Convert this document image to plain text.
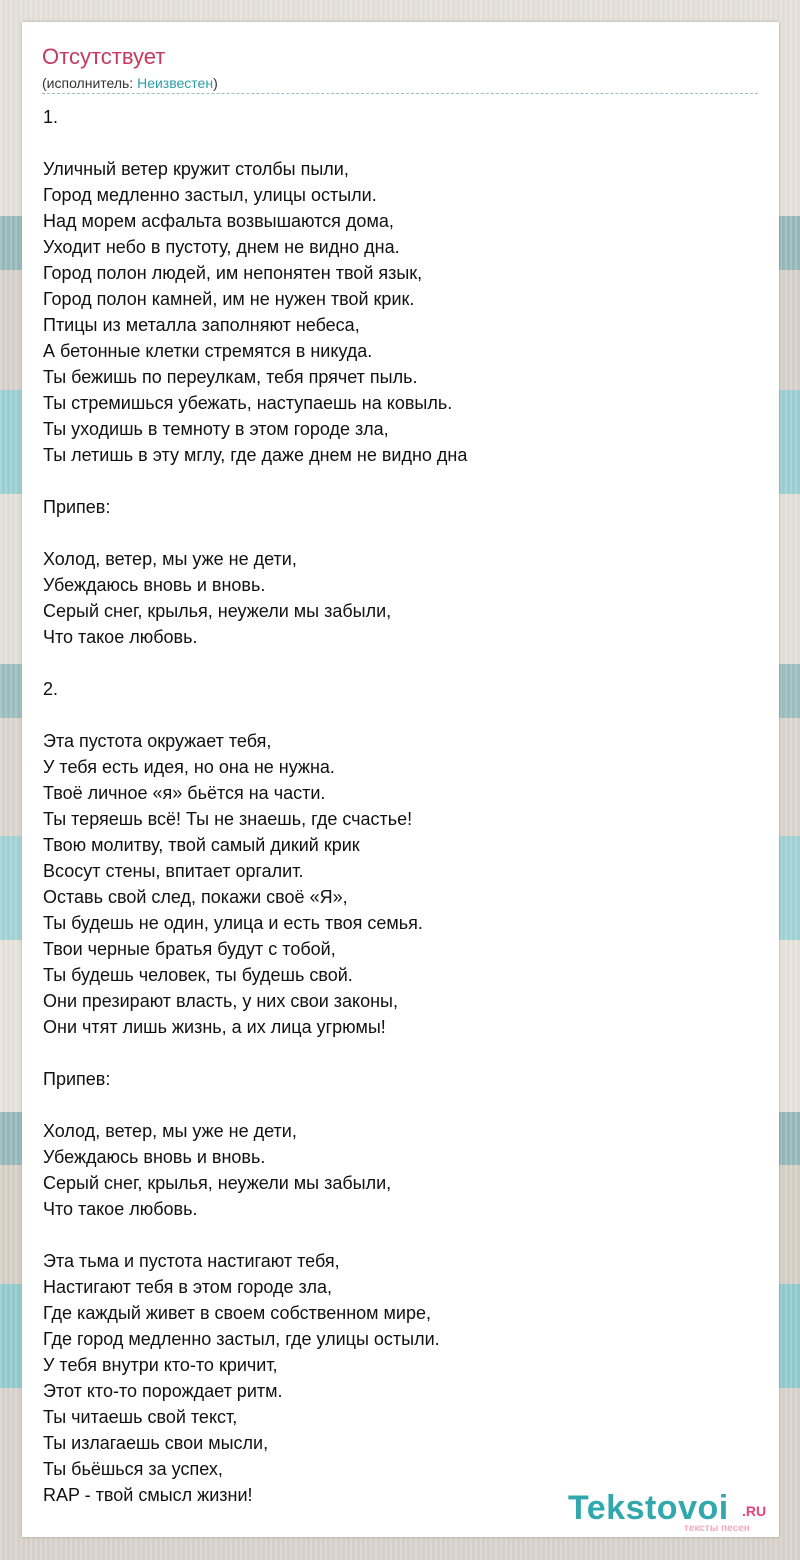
Отсутствует
(исполнитель: Неизвестен)
1.
Уличный ветер кружит столбы пыли,
Город медленно застыл, улицы остыли.
Над морем асфальта возвышаются дома,
Уходит небо в пустоту, днем не видно дна.
Город полон людей, им непонятен твой язык,
Город полон камней, им не нужен твой крик.
Птицы из металла заполняют небеса,
А бетонные клетки стремятся в никуда.
Ты бежишь по переулкам, тебя прячет пыль.
Ты стремишься убежать, наступаешь на ковыль.
Ты уходишь в темноту в этом городе зла,
Ты летишь в эту мглу, где даже днем не видно дна
Припев:
Холод, ветер, мы уже не дети,
Убеждаюсь вновь и вновь.
Серый снег, крылья, неужели мы забыли,
Что такое любовь.
2.
Эта пустота окружает тебя,
У тебя есть идея, но она не нужна.
Твоё личное «я» бьётся на части.
Ты теряешь всё! Ты не знаешь, где счастье!
Твою молитву, твой самый дикий крик
Всосут стены, впитает оргалит.
Оставь свой след, покажи своё «Я»,
Ты будешь не один, улица и есть твоя семья.
Твои черные братья будут с тобой,
Ты будешь человек, ты будешь свой.
Они презирают власть, у них свои законы,
Они чтят лишь жизнь, а их лица угрюмы!
Припев:
Холод, ветер, мы уже не дети,
Убеждаюсь вновь и вновь.
Серый снег, крылья, неужели мы забыли,
Что такое любовь.
Эта тьма и пустота настигают тебя,
Настигают тебя в этом городе зла,
Где каждый живет в своем собственном мире,
Где город медленно застыл, где улицы остыли.
У тебя внутри кто-то кричит,
Этот кто-то порождает ритм.
Ты читаешь свой текст,
Ты излагаешь свои мысли,
Ты бьёшься за успех,
RAP - твой смысл жизни!	Tekstovoi .RU
тексты песен
